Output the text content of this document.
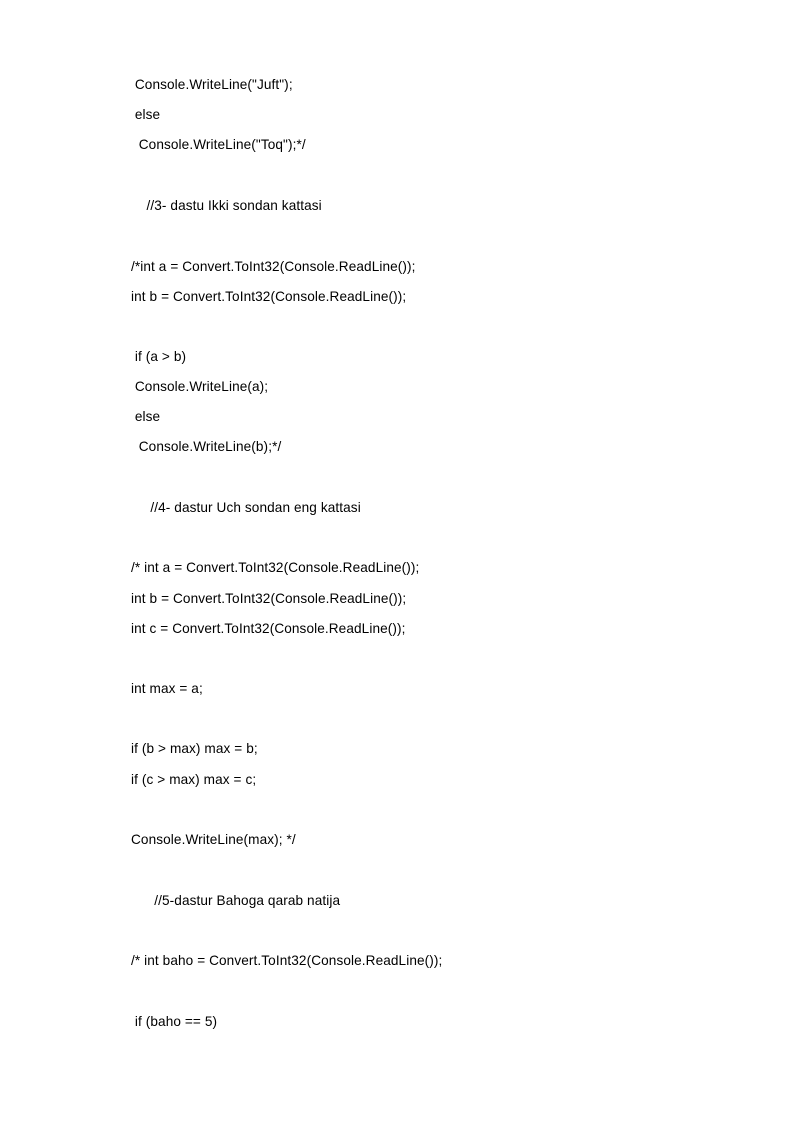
Console.WriteLine("Juft");

else

Console.WriteLine("Toq");*/

//3- dastu Ikki sondan kattasi

/*int a = Convert.ToInt32(Console.ReadLine());

int b = Convert.ToInt32(Console.ReadLine());

if (a > b)

Console.WriteLine(a);

else

Console.WriteLine(b);*/

//4- dastur Uch sondan eng kattasi

/* int a = Convert.ToInt32(Console.ReadLine());

int b = Convert.ToInt32(Console.ReadLine());

int c = Convert.ToInt32(Console.ReadLine());

int max = a;

if (b > max) max = b;

if (c > max) max = c;

Console.WriteLine(max); */

//5-dastur Bahoga qarab natija

/* int baho = Convert.ToInt32(Console.ReadLine());

if (baho == 5)
